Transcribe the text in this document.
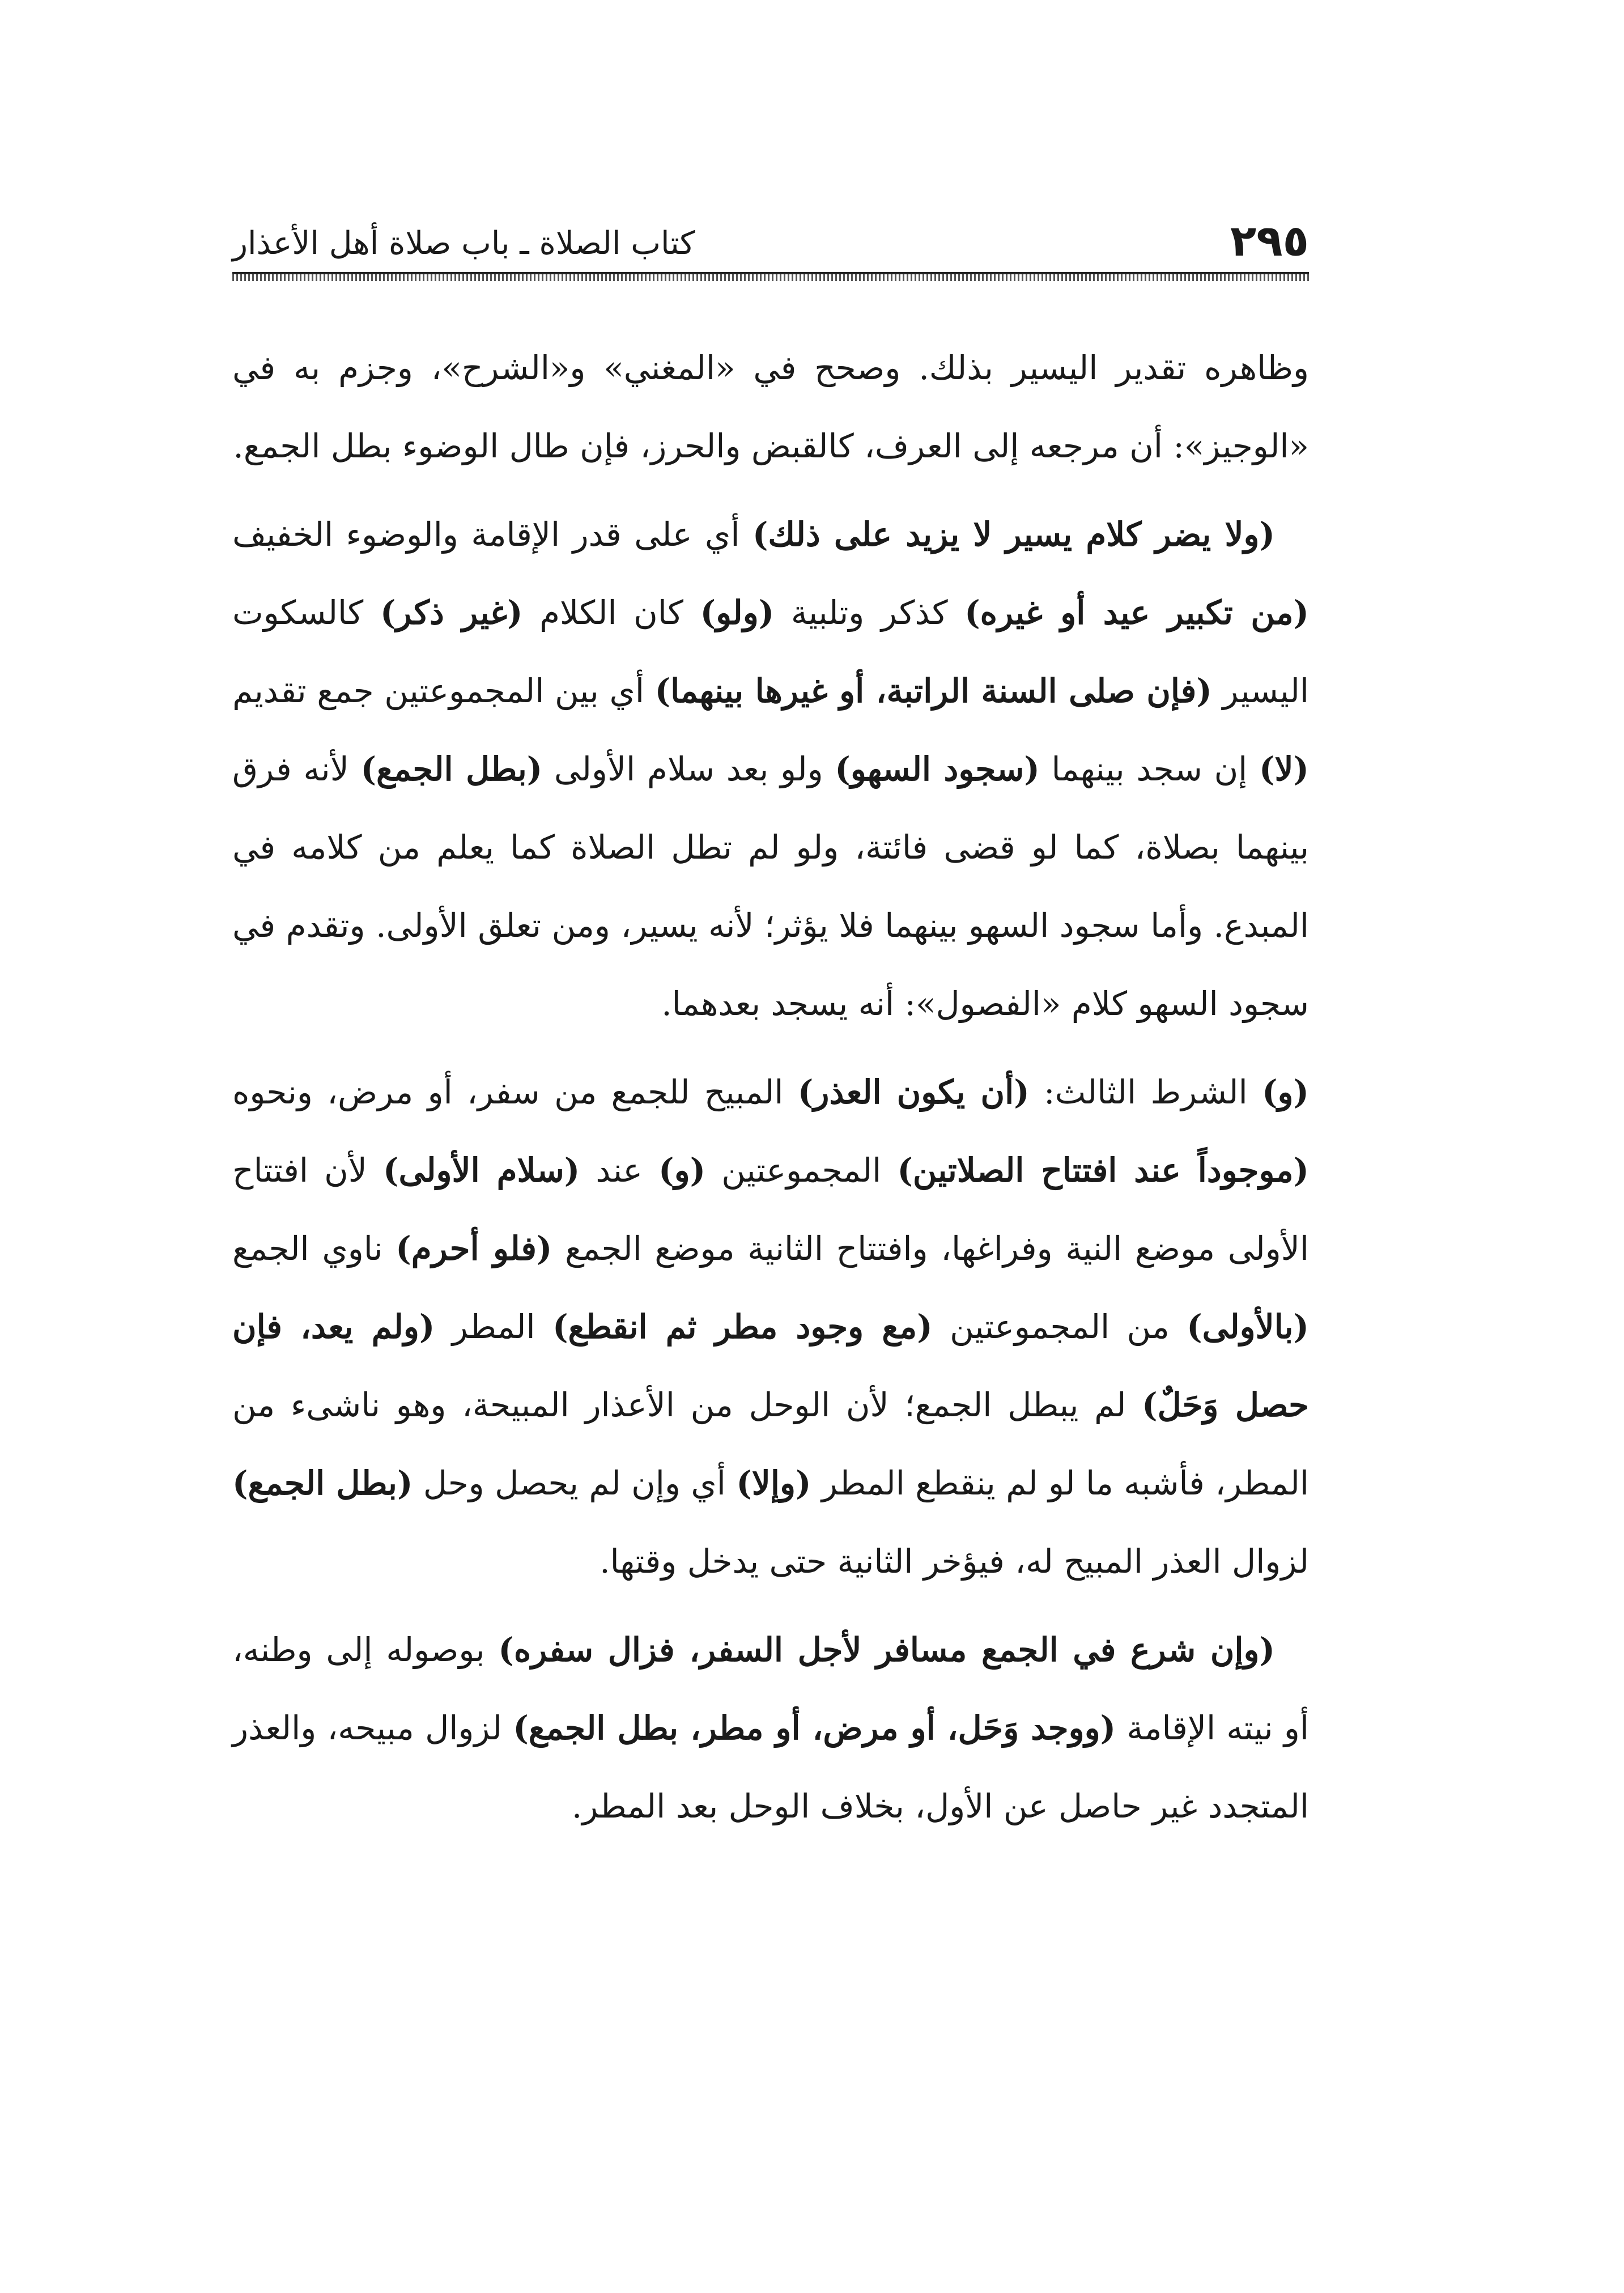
٢٩٥
كتاب الصلاة ـ باب صلاة أهل الأعذار

وظاهره تقدير اليسير بذلك. وصحح في «المغني» و«الشرح»، وجزم به في «الوجيز»: أن مرجعه إلى العرف، كالقبض والحرز، فإن طال الوضوء بطل الجمع.

(ولا يضر كلام يسير لا يزيد على ذلك) أي على قدر الإقامة والوضوء الخفيف (من تكبير عيد أو غيره) كذكر وتلبية (ولو) كان الكلام (غير ذكر) كالسكوت اليسير (فإن صلى السنة الراتبة، أو غيرها بينهما) أي بين المجموعتين جمع تقديم (لا) إن سجد بينهما (سجود السهو) ولو بعد سلام الأولى (بطل الجمع) لأنه فرق بينهما بصلاة، كما لو قضى فائتة، ولو لم تطل الصلاة كما يعلم من كلامه في المبدع. وأما سجود السهو بينهما فلا يؤثر؛ لأنه يسير، ومن تعلق الأولى. وتقدم في سجود السهو كلام «الفصول»: أنه يسجد بعدهما.

(و) الشرط الثالث: (أن يكون العذر) المبيح للجمع من سفر، أو مرض، ونحوه (موجوداً عند افتتاح الصلاتين) المجموعتين (و) عند (سلام الأولى) لأن افتتاح الأولى موضع النية وفراغها، وافتتاح الثانية موضع الجمع (فلو أحرم) ناوي الجمع (بالأولى) من المجموعتين (مع وجود مطر ثم انقطع) المطر (ولم يعد، فإن حصل وَحَلٌ) لم يبطل الجمع؛ لأن الوحل من الأعذار المبيحة، وهو ناشىء من المطر، فأشبه ما لو لم ينقطع المطر (وإلا) أي وإن لم يحصل وحل (بطل الجمع) لزوال العذر المبيح له، فيؤخر الثانية حتى يدخل وقتها.

(وإن شرع في الجمع مسافر لأجل السفر، فزال سفره) بوصوله إلى وطنه، أو نيته الإقامة (ووجد وَحَل، أو مرض، أو مطر، بطل الجمع) لزوال مبيحه، والعذر المتجدد غير حاصل عن الأول، بخلاف الوحل بعد المطر.
